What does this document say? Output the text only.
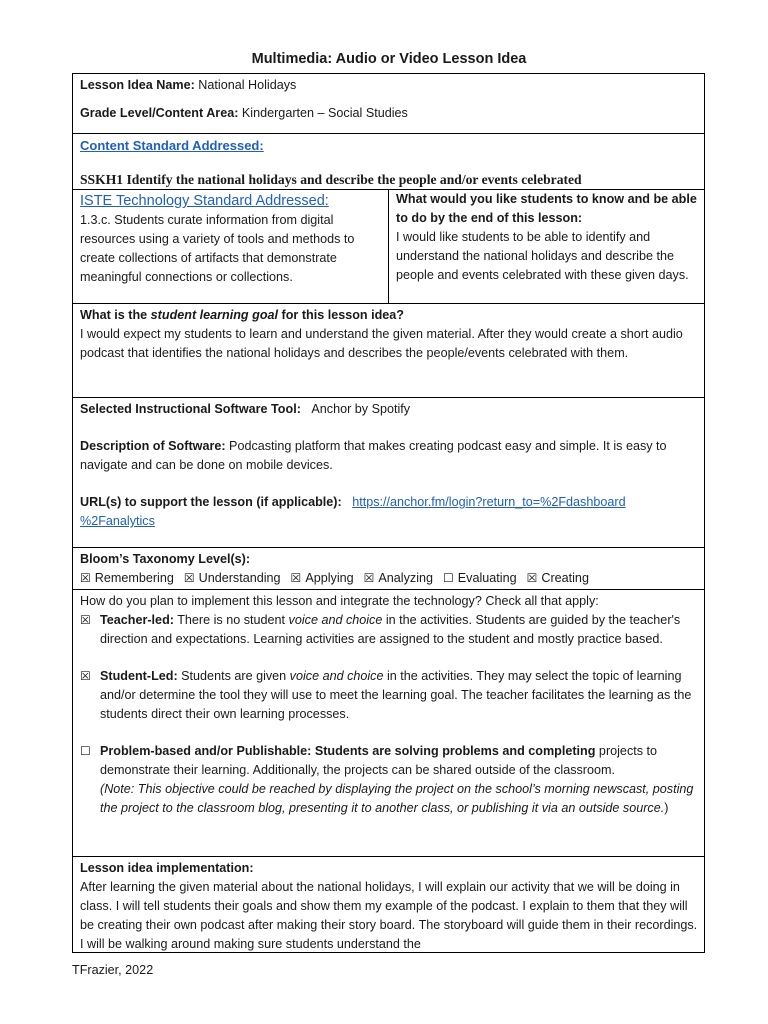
Multimedia: Audio or Video Lesson Idea

Lesson Idea Name: National Holidays

Grade Level/Content Area: Kindergarten – Social Studies

Content Standard Addressed:
SSKH1 Identify the national holidays and describe the people and/or events celebrated
ISTE Technology Standard Addressed:
1.3.c. Students curate information from digital resources using a variety of tools and methods to create collections of artifacts that demonstrate meaningful connections or collections.
What would you like students to know and be able to do by the end of this lesson:
I would like students to be able to identify and understand the national holidays and describe the people and events celebrated with these given days.
What is the student learning goal for this lesson idea?
I would expect my students to learn and understand the given material. After they would create a short audio podcast that identifies the national holidays and describes the people/events celebrated with them.
Selected Instructional Software Tool: Anchor by Spotify
Description of Software: Podcasting platform that makes creating podcast easy and simple. It is easy to navigate and can be done on mobile devices.
URL(s) to support the lesson (if applicable): https://anchor.fm/login?return_to=%2Fdashboard
%2Fanalytics
Bloom’s Taxonomy Level(s):
☒ Remembering ☒ Understanding ☒ Applying ☒ Analyzing ☐ Evaluating ☒ Creating
How do you plan to implement this lesson and integrate the technology? Check all that apply:
☒ Teacher-led: There is no student voice and choice in the activities. Students are guided by the teacher's direction and expectations. Learning activities are assigned to the student and mostly practice based.
☒ Student-Led: Students are given voice and choice in the activities. They may select the topic of learning and/or determine the tool they will use to meet the learning goal. The teacher facilitates the learning as the students direct their own learning processes.
☐ Problem-based and/or Publishable: Students are solving problems and completing projects to demonstrate their learning. Additionally, the projects can be shared outside of the classroom.
(Note: This objective could be reached by displaying the project on the school’s morning newscast, posting the project to the classroom blog, presenting it to another class, or publishing it via an outside source.)
Lesson idea implementation:
After learning the given material about the national holidays, I will explain our activity that we will be doing in class. I will tell students their goals and show them my example of the podcast. I explain to them that they will be creating their own podcast after making their story board. The storyboard will guide them in their recordings. I will be walking around making sure students understand the
TFrazier, 2022
